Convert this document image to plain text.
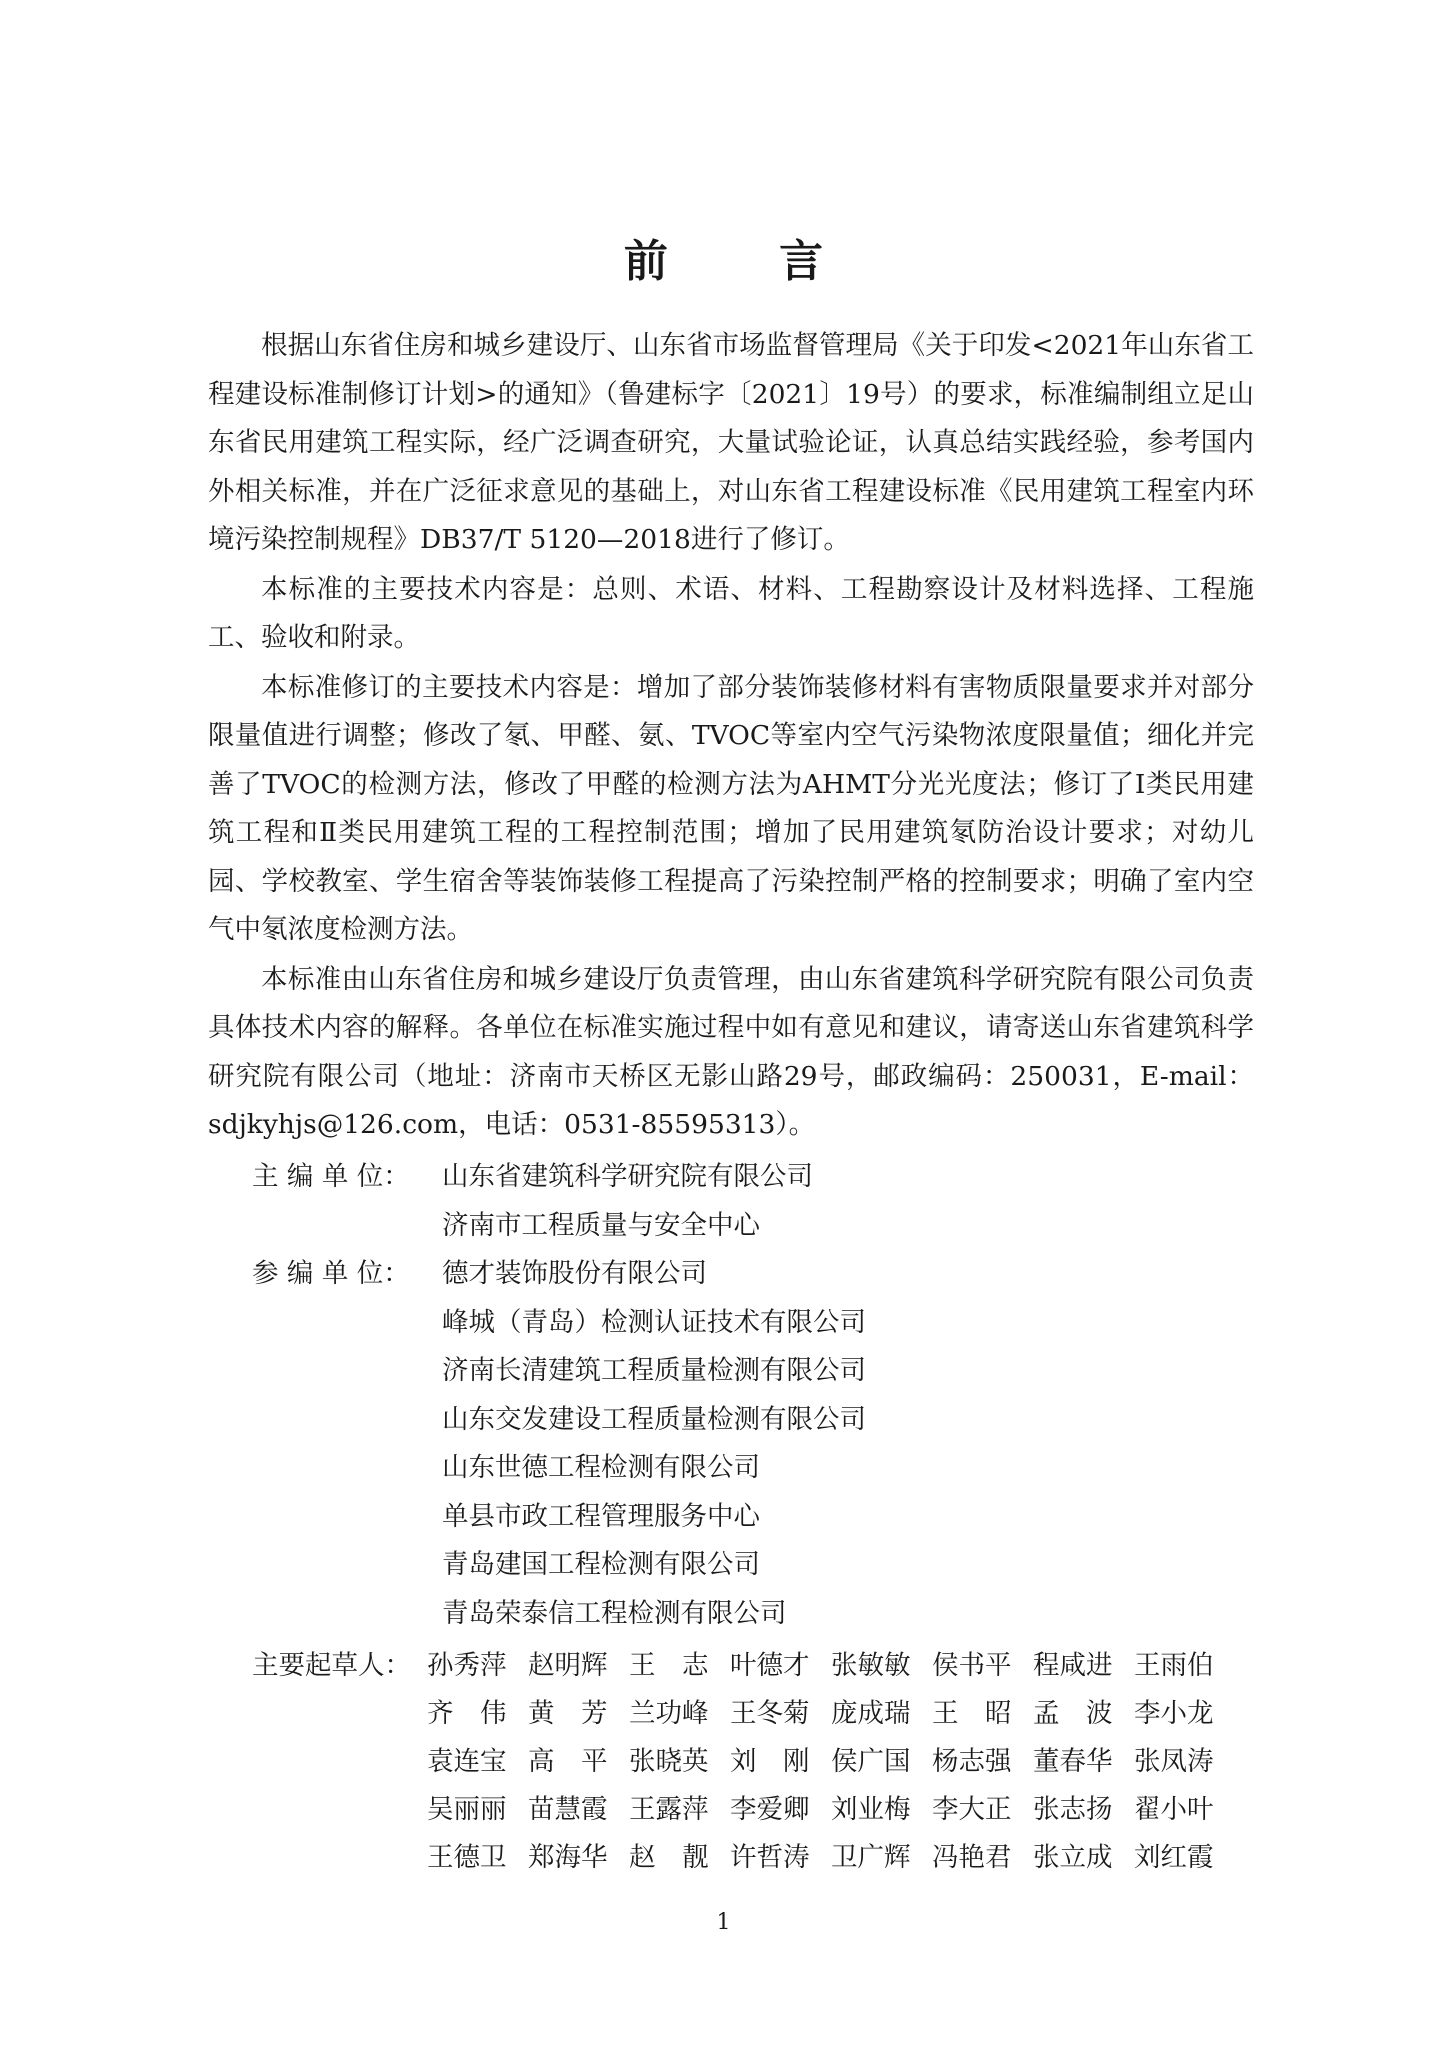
前 言

根据山东省住房和城乡建设厅、山东省市场监督管理局《关于印发<2021年山东省工程建设标准制修订计划>的通知》（鲁建标字〔2021〕19号）的要求，标准编制组立足山东省民用建筑工程实际，经广泛调查研究，大量试验论证，认真总结实践经验，参考国内外相关标准，并在广泛征求意见的基础上，对山东省工程建设标准《民用建筑工程室内环境污染控制规程》DB37/T 5120—2018进行了修订。

本标准的主要技术内容是：总则、术语、材料、工程勘察设计及材料选择、工程施工、验收和附录。

本标准修订的主要技术内容是：增加了部分装饰装修材料有害物质限量要求并对部分限量值进行调整；修改了氡、甲醛、氨、TVOC等室内空气污染物浓度限量值；细化并完善了TVOC的检测方法，修改了甲醛的检测方法为AHMT分光光度法；修订了Ⅰ类民用建筑工程和Ⅱ类民用建筑工程的工程控制范围；增加了民用建筑氡防治设计要求；对幼儿园、学校教室、学生宿舍等装饰装修工程提高了污染控制严格的控制要求；明确了室内空气中氡浓度检测方法。

本标准由山东省住房和城乡建设厅负责管理，由山东省建筑科学研究院有限公司负责具体技术内容的解释。各单位在标准实施过程中如有意见和建议，请寄送山东省建筑科学研究院有限公司（地址：济南市天桥区无影山路29号，邮政编码：250031，E-mail：sdjkyhjs@126.com，电话：0531-85595313）。

主 编 单 位：	山东省建筑科学研究院有限公司
济南市工程质量与安全中心
参 编 单 位：	德才装饰股份有限公司
峰城（青岛）检测认证技术有限公司
济南长清建筑工程质量检测有限公司
山东交发建设工程质量检测有限公司
山东世德工程检测有限公司
单县市政工程管理服务中心
青岛建国工程检测有限公司
青岛荣泰信工程检测有限公司
主要起草人： 孙秀萍 赵明辉 王　志 叶德才 张敏敏 侯书平 程咸进 王雨伯
齐　伟 黄　芳 兰功峰 王冬菊 庞成瑞 王　昭 孟　波 李小龙
袁连宝 高　平 张晓英 刘　刚 侯广国 杨志强 董春华 张凤涛
吴丽丽 苗慧霞 王露萍 李爱卿 刘业梅 李大正 张志扬 翟小叶
王德卫 郑海华 赵　靓 许哲涛 卫广辉 冯艳君 张立成 刘红霞
1
